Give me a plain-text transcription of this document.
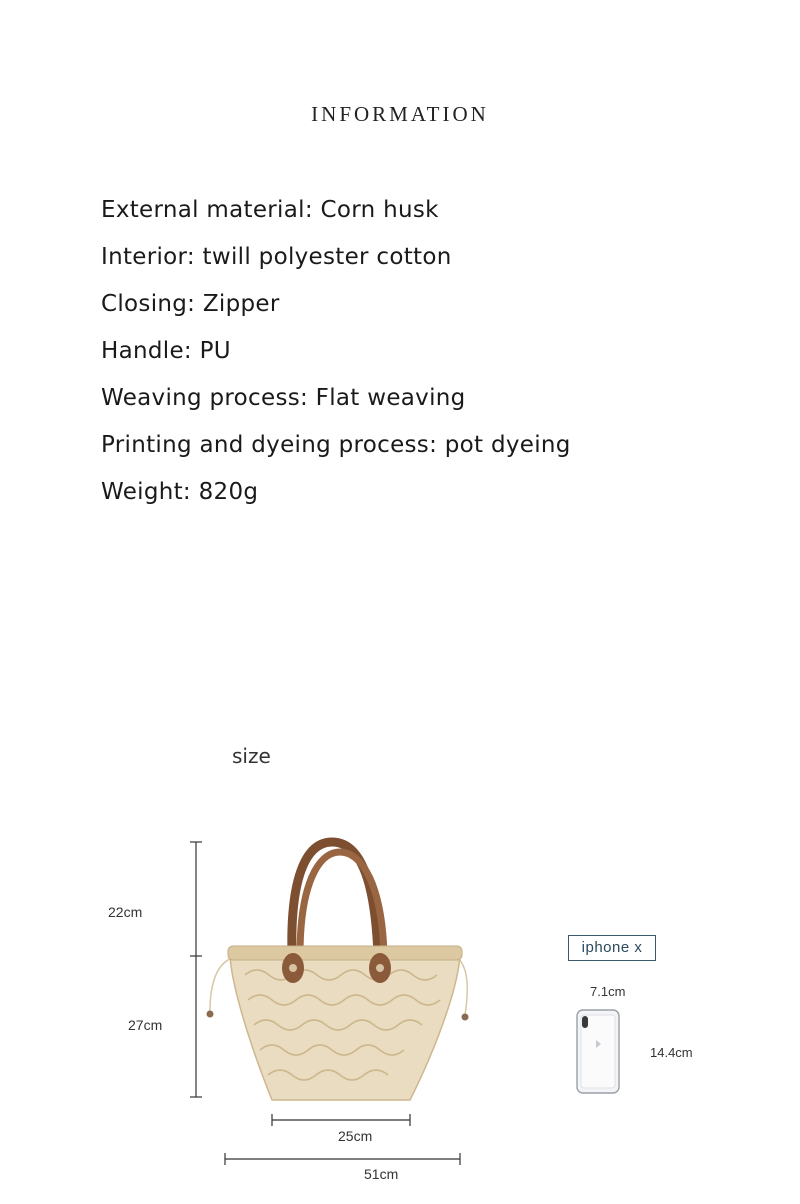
INFORMATION
External material: Corn husk
Interior: twill polyester cotton
Closing: Zipper
Handle: PU
Weaving process: Flat weaving
Printing and dyeing process: pot dyeing
Weight: 820g
size
22cm
27cm
25cm
51cm
iphone x
7.1cm
14.4cm
